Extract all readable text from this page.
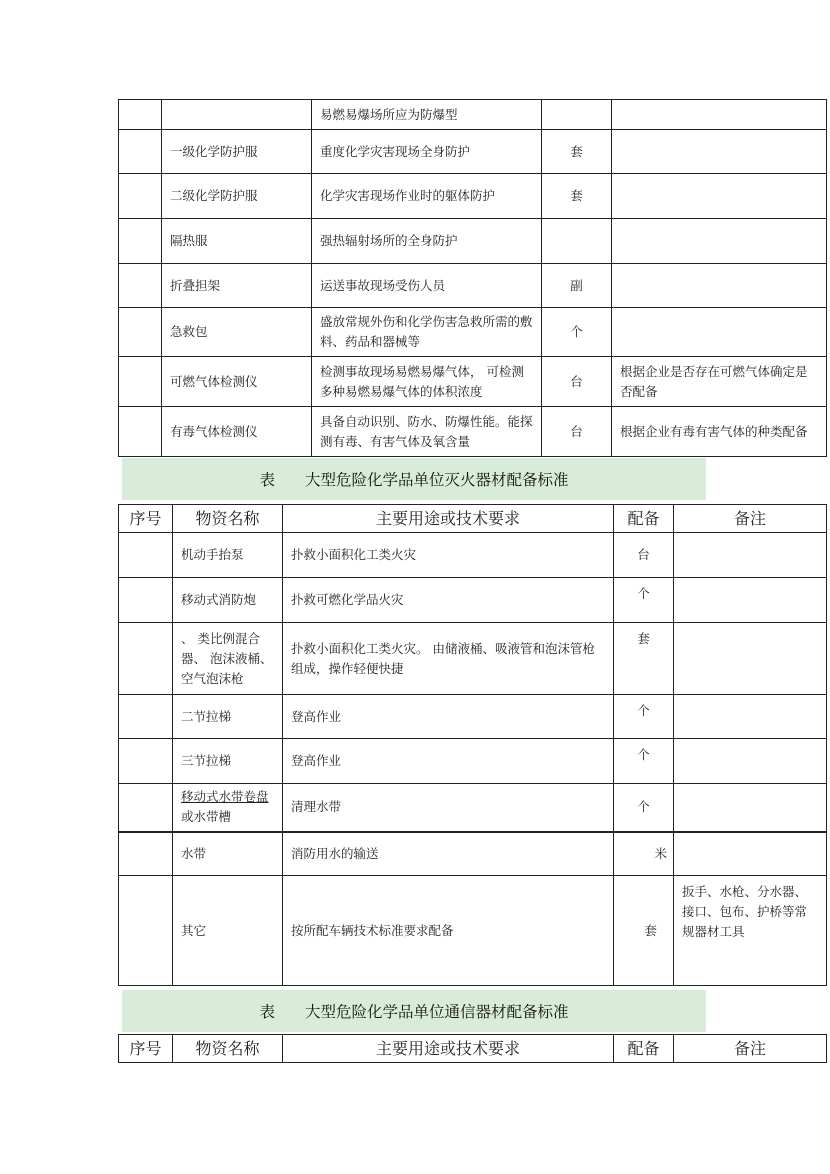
		易燃易爆场所应为防爆型		
	一级化学防护服	重度化学灾害现场全身防护	套	
	二级化学防护服	化学灾害现场作业时的躯体防护	套	
	隔热服	强热辐射场所的全身防护		
	折叠担架	运送事故现场受伤人员	副	
	急救包	盛放常规外伤和化学伤害急救所需的敷料、药品和器械等	个	
	可燃气体检测仪	检测事故现场易燃易爆气体， 可检测多种易燃易爆气体的体积浓度	台	根据企业是否存在可燃气体确定是否配备
	有毒气体检测仪	具备自动识别、防水、防爆性能。能探测有毒、有害气体及氧含量	台	根据企业有毒有害气体的种类配备
表 大型危险化学品单位灭火器材配备标准
序号	物资名称	主要用途或技术要求	配备	备注
	机动手抬泵	扑救小面积化工类火灾	台	
	移动式消防炮	扑救可燃化学品火灾	个	
	、 类比例混合器、 泡沫液桶、空气泡沫枪	扑救小面积化工类火灾。 由储液桶、吸液管和泡沫管枪组成，操作轻便快捷	套	
	二节拉梯	登高作业	个	
	三节拉梯	登高作业	个	
	移动式水带卷盘或水带槽	清理水带	个	
	水带	消防用水的输送	米	
	其它	按所配车辆技术标准要求配备	套	扳手、水枪、分水器、接口、包布、护桥等常规器材工具
表 大型危险化学品单位通信器材配备标准
序号	物资名称	主要用途或技术要求	配备	备注
